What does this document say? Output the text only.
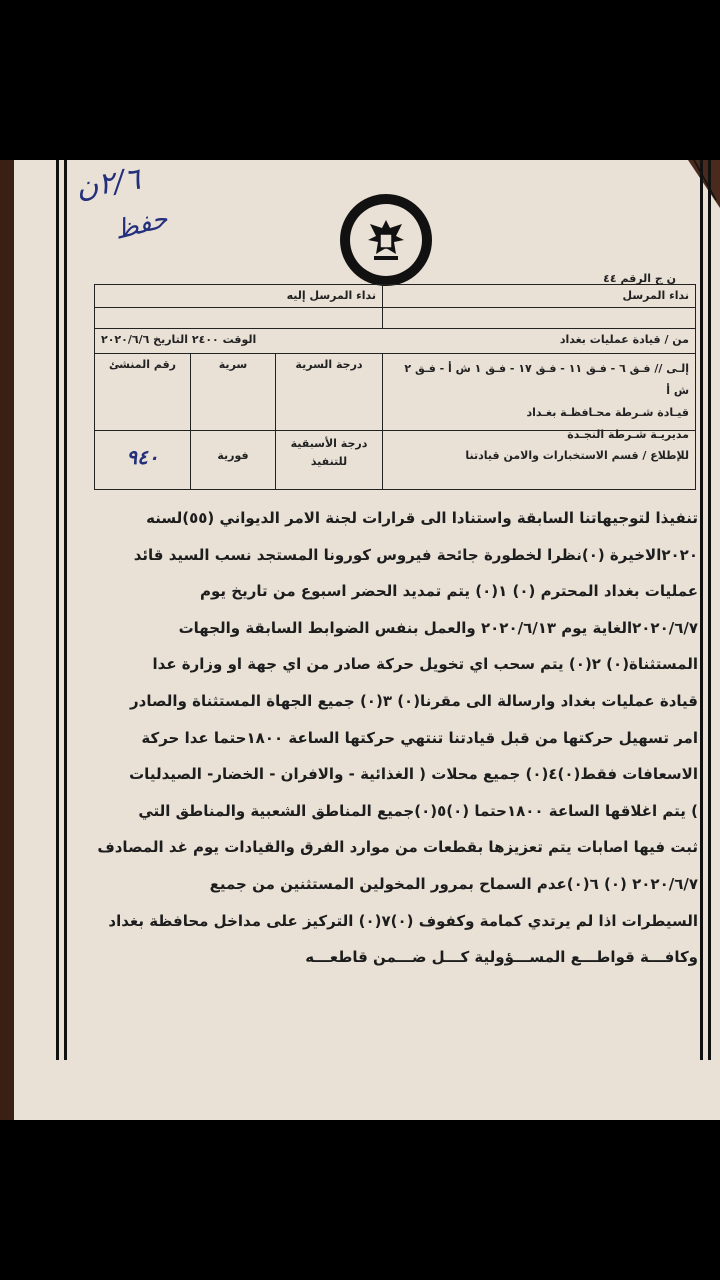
٢/٦ن
حفظ
ن ج الرقم ٤٤
نداء المرسل
نداء المرسل إليه
من / قيادة عمليات بغداد
الوقت ٢٤٠٠ التاريخ ٢٠٢٠/٦/٦
إلـى // فـق ٦ - فـق ١١ - فـق ١٧ - فـق ١ ش أ - فـق ٢ ش أ
قيـادة شـرطة محـافظـة بغـداد
مديريـة شـرطة النجـدة
درجة السرية
سرية
رقم المنشئ
للإطلاع / قسم الاستخبارات والامن قيادتنا
درجة الأسبقية للتنفيذ
فورية
٩٤٠
تنفيذا لتوجيهاتنا السابقة واستنادا الى قرارات لجنة الامر الديواني (٥٥)لسنه
٢٠٢٠الاخيرة (٠)نظرا لخطورة جائحة فيروس كورونا المستجد نسب السيد قائد
عمليات بغداد المحترم (٠) ١(٠) يتم تمديد الحضر اسبوع من تاريخ يوم
٢٠٢٠/٦/٧الغاية يوم ٢٠٢٠/٦/١٣ والعمل بنفس الضوابط السابقة والجهات
المستثناة(٠) ٢(٠) يتم سحب اي تخويل حركة صادر من اي جهة او وزارة عدا
قيادة عمليات بغداد وارسالة الى مقرنا(٠) ٣(٠) جميع الجهاة المستثناة والصادر
امر تسهيل حركتها من قبل قيادتنا تنتهي حركتها الساعة ١٨٠٠حتما عدا حركة
الاسعافات فقط(٠)٤(٠) جميع محلات ( الغذائية - والافران - الخضار- الصيدليات
) يتم اغلاقها الساعة ١٨٠٠حتما (٠)٥(٠)جميع المناطق الشعبية والمناطق التي
ثبت فيها اصابات يتم تعزيزها بقطعات من موارد الفرق والقيادات يوم غد المصادف
٢٠٢٠/٦/٧ (٠) ٦(٠)عدم السماح بمرور المخولين المستثنين من جميع
السيطرات اذا لم يرتدي كمامة وكفوف (٠)٧(٠) التركيز على مداخل محافظة بغداد
وكافـــة قواطـــع المســـؤولية كـــل ضـــمن قاطعـــه
